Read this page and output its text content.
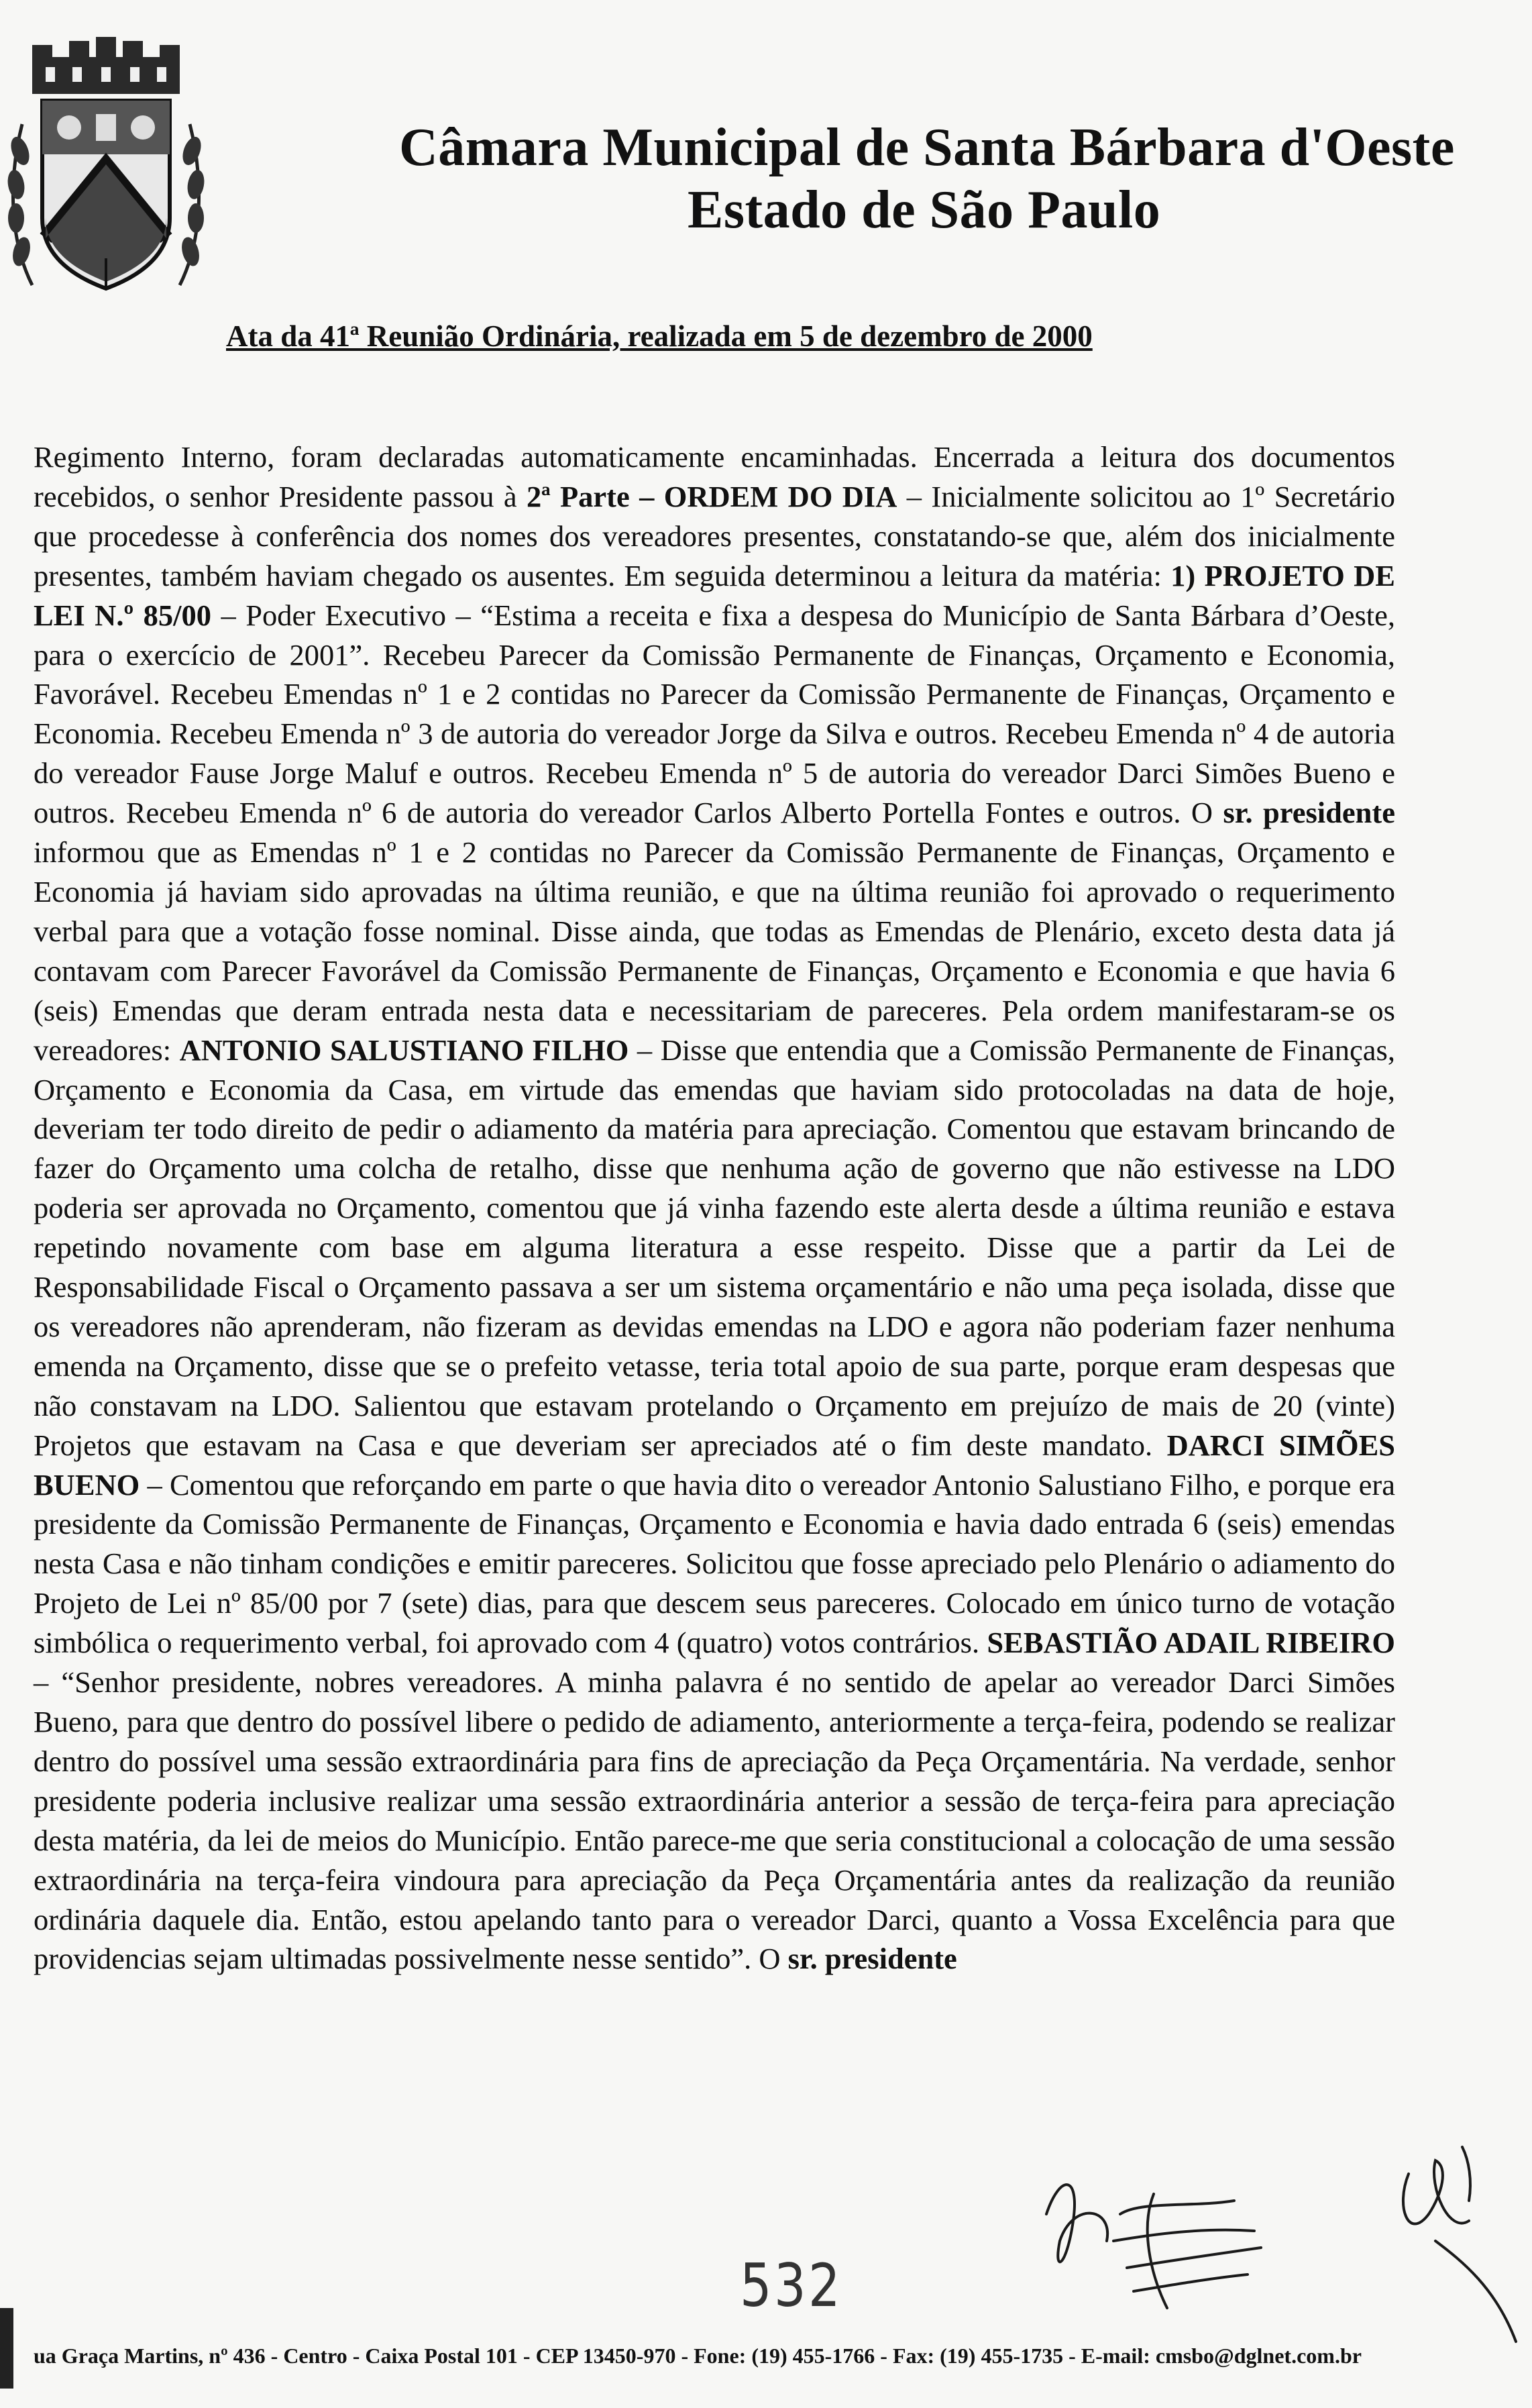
Câmara Municipal de Santa Bárbara d'Oeste
Estado de São Paulo
Ata da 41ª Reunião Ordinária, realizada em 5 de dezembro de 2000

Regimento Interno, foram declaradas automaticamente encaminhadas. Encerrada a leitura dos documentos recebidos, o senhor Presidente passou à 2ª Parte – ORDEM DO DIA – Inicialmente solicitou ao 1º Secretário que procedesse à conferência dos nomes dos vereadores presentes, constatando-se que, além dos inicialmente presentes, também haviam chegado os ausentes. Em seguida determinou a leitura da matéria: 1) PROJETO DE LEI N.º 85/00 – Poder Executivo – “Estima a receita e fixa a despesa do Município de Santa Bárbara d’Oeste, para o exercício de 2001”. Recebeu Parecer da Comissão Permanente de Finanças, Orçamento e Economia, Favorável. Recebeu Emendas nº 1 e 2 contidas no Parecer da Comissão Permanente de Finanças, Orçamento e Economia. Recebeu Emenda nº 3 de autoria do vereador Jorge da Silva e outros. Recebeu Emenda nº 4 de autoria do vereador Fause Jorge Maluf e outros. Recebeu Emenda nº 5 de autoria do vereador Darci Simões Bueno e outros. Recebeu Emenda nº 6 de autoria do vereador Carlos Alberto Portella Fontes e outros. O sr. presidente informou que as Emendas nº 1 e 2 contidas no Parecer da Comissão Permanente de Finanças, Orçamento e Economia já haviam sido aprovadas na última reunião, e que na última reunião foi aprovado o requerimento verbal para que a votação fosse nominal. Disse ainda, que todas as Emendas de Plenário, exceto desta data já contavam com Parecer Favorável da Comissão Permanente de Finanças, Orçamento e Economia e que havia 6 (seis) Emendas que deram entrada nesta data e necessitariam de pareceres. Pela ordem manifestaram-se os vereadores: ANTONIO SALUSTIANO FILHO – Disse que entendia que a Comissão Permanente de Finanças, Orçamento e Economia da Casa, em virtude das emendas que haviam sido protocoladas na data de hoje, deveriam ter todo direito de pedir o adiamento da matéria para apreciação. Comentou que estavam brincando de fazer do Orçamento uma colcha de retalho, disse que nenhuma ação de governo que não estivesse na LDO poderia ser aprovada no Orçamento, comentou que já vinha fazendo este alerta desde a última reunião e estava repetindo novamente com base em alguma literatura a esse respeito. Disse que a partir da Lei de Responsabilidade Fiscal o Orçamento passava a ser um sistema orçamentário e não uma peça isolada, disse que os vereadores não aprenderam, não fizeram as devidas emendas na LDO e agora não poderiam fazer nenhuma emenda na Orçamento, disse que se o prefeito vetasse, teria total apoio de sua parte, porque eram despesas que não constavam na LDO. Salientou que estavam protelando o Orçamento em prejuízo de mais de 20 (vinte) Projetos que estavam na Casa e que deveriam ser apreciados até o fim deste mandato. DARCI SIMÕES BUENO – Comentou que reforçando em parte o que havia dito o vereador Antonio Salustiano Filho, e porque era presidente da Comissão Permanente de Finanças, Orçamento e Economia e havia dado entrada 6 (seis) emendas nesta Casa e não tinham condições e emitir pareceres. Solicitou que fosse apreciado pelo Plenário o adiamento do Projeto de Lei nº 85/00 por 7 (sete) dias, para que descem seus pareceres. Colocado em único turno de votação simbólica o requerimento verbal, foi aprovado com 4 (quatro) votos contrários. SEBASTIÃO ADAIL RIBEIRO – “Senhor presidente, nobres vereadores. A minha palavra é no sentido de apelar ao vereador Darci Simões Bueno, para que dentro do possível libere o pedido de adiamento, anteriormente a terça-feira, podendo se realizar dentro do possível uma sessão extraordinária para fins de apreciação da Peça Orçamentária. Na verdade, senhor presidente poderia inclusive realizar uma sessão extraordinária anterior a sessão de terça-feira para apreciação desta matéria, da lei de meios do Município. Então parece-me que seria constitucional a colocação de uma sessão extraordinária na terça-feira vindoura para apreciação da Peça Orçamentária antes da realização da reunião ordinária daquele dia. Então, estou apelando tanto para o vereador Darci, quanto a Vossa Excelência para que providencias sejam ultimadas possivelmente nesse sentido”. O sr. presidente

532
ua Graça Martins, nº 436 - Centro - Caixa Postal 101 - CEP 13450-970 - Fone: (19) 455-1766 - Fax: (19) 455-1735 - E-mail: cmsbo@dglnet.com.br
